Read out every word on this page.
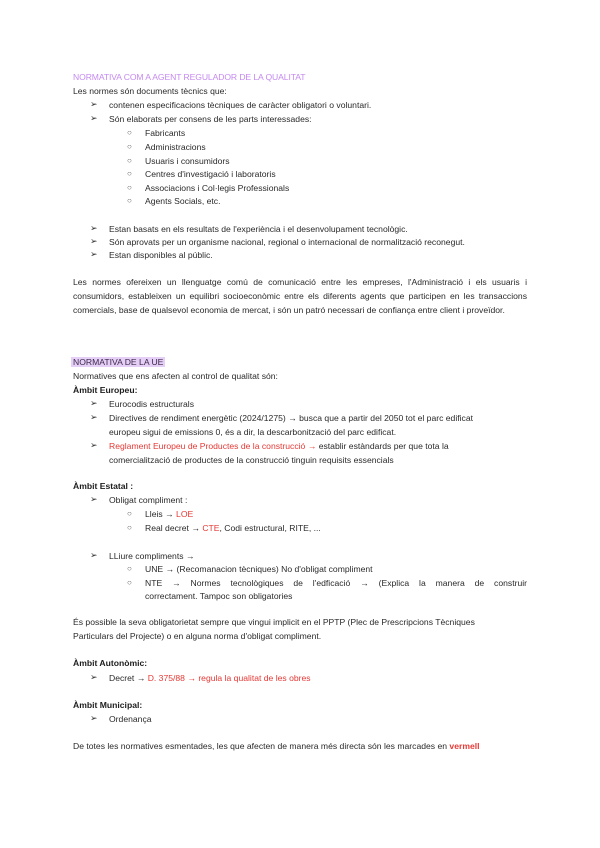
NORMATIVA COM A AGENT REGULADOR DE LA QUALITAT
Les normes són documents tècnics que:
➢ contenen especificacions tècniques de caràcter obligatori o voluntari.
➢ Són elaborats per consens de les parts interessades:
○ Fabricants
○ Administracions
○ Usuaris i consumidors
○ Centres d'investigació i laboratoris
○ Associacions i Col·legis Professionals
○ Agents Socials, etc.
➢ Estan basats en els resultats de l'experiència i el desenvolupament tecnològic.
➢ Són aprovats per un organisme nacional, regional o internacional de normalització reconegut.
➢ Estan disponibles al públic.
Les normes ofereixen un llenguatge comú de comunicació entre les empreses, l'Administració i els usuaris i consumidors, estableixen un equilibri socioeconòmic entre els diferents agents que participen en les transaccions comercials, base de qualsevol economia de mercat, i són un patró necessari de confiança entre client i proveïdor.
NORMATIVA DE LA UE
Normatives que ens afecten al control de qualitat són:
Àmbit Europeu:
➢ Eurocodis estructurals
➢ Directives de rendiment energètic (2024/1275) → busca que a partir del 2050 tot el parc edificat
europeu sigui de emissions 0, és a dir, la descarbonització del parc edificat.
➢ Reglament Europeu de Productes de la construcció → establir estàndards per que tota la
comercialització de productes de la construcció tinguin requisits essencials
Àmbit Estatal :
➢ Obligat compliment :
○ Lleis → LOE
○ Real decret → CTE, Codi estructural, RITE, ...
➢ LLiure compliments →
○ UNE → (Recomanacion tècniques) No d'obligat compliment
○ NTE → Normes tecnològiques de l'edficació → (Explica la manera de construir
correctament. Tampoc son obligatories
És possible la seva obligatorietat sempre que vingui implicit en el PPTP (Plec de Prescripcions Tècniques
Particulars del Projecte) o en alguna norma d'obligat compliment.
Àmbit Autonòmic:
➢ Decret → D. 375/88 → regula la qualitat de les obres
Àmbit Municipal:
➢ Ordenança
De totes les normatives esmentades, les que afecten de manera més directa són les marcades en vermell
